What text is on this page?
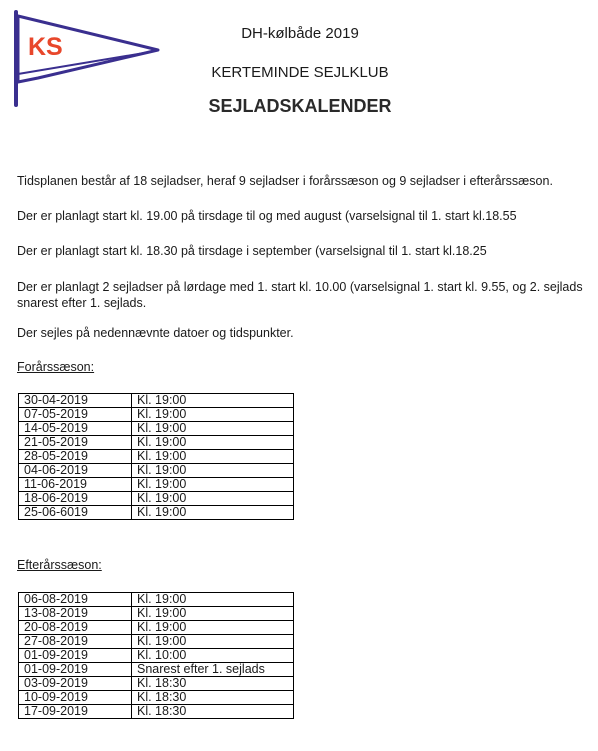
KS	DH-kølbåde 2019
KERTEMINDE SEJLKLUB
SEJLADSKALENDER
Tidsplanen består af 18 sejladser, heraf 9 sejladser i forårssæson og 9 sejladser i efterårssæson.
Der er planlagt start kl. 19.00 på tirsdage til og med august (varselsignal til 1. start kl.18.55
Der er planlagt start kl. 18.30 på tirsdage i september (varselsignal til 1. start kl.18.25
Der er planlagt 2 sejladser på lørdage med 1. start kl. 10.00 (varselsignal 1. start kl. 9.55, og 2. sejlads snarest efter 1. sejlads.
Der sejles på nedennævnte datoer og tidspunkter.
Forårssæson:
30-04-2019	Kl. 19:00
07-05-2019	Kl. 19:00
14-05-2019	Kl. 19:00
21-05-2019	Kl. 19:00
28-05-2019	Kl. 19:00
04-06-2019	Kl. 19:00
11-06-2019	Kl. 19:00
18-06-2019	Kl. 19:00
25-06-6019	Kl. 19:00
Efterårssæson:
06-08-2019	Kl. 19:00
13-08-2019	Kl. 19:00
20-08-2019	Kl. 19:00
27-08-2019	Kl. 19:00
01-09-2019	Kl. 10:00
01-09-2019	Snarest efter 1. sejlads
03-09-2019	Kl. 18:30
10-09-2019	Kl. 18:30
17-09-2019	Kl. 18:30
